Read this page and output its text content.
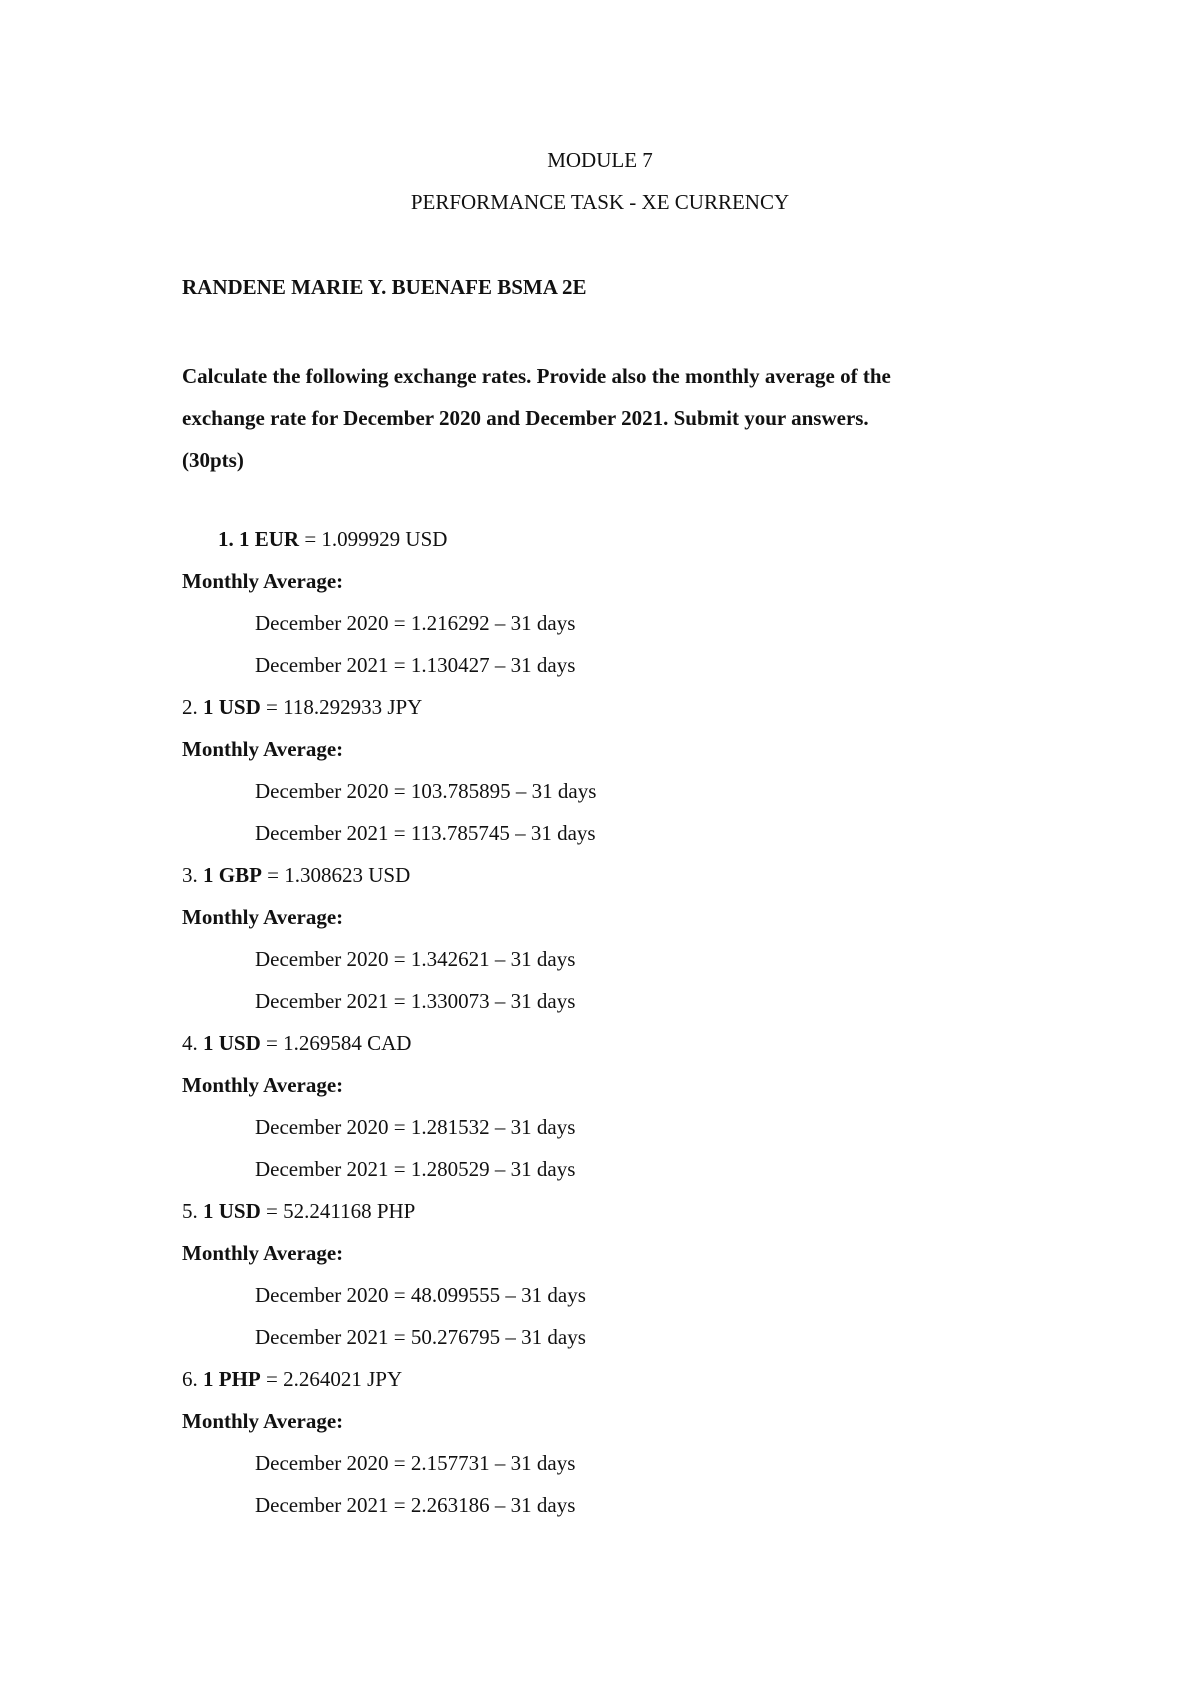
MODULE 7
PERFORMANCE TASK - XE CURRENCY
RANDENE MARIE Y. BUENAFE BSMA 2E
Calculate the following exchange rates. Provide also the monthly average of the
exchange rate for December 2020 and December 2021. Submit your answers.
(30pts)
1. 1 EUR = 1.099929 USD
Monthly Average:
December 2020 = 1.216292 – 31 days
December 2021 = 1.130427 – 31 days
2. 1 USD = 118.292933 JPY
Monthly Average:
December 2020 = 103.785895 – 31 days
December 2021 = 113.785745 – 31 days
3. 1 GBP = 1.308623 USD
Monthly Average:
December 2020 = 1.342621 – 31 days
December 2021 = 1.330073 – 31 days
4. 1 USD = 1.269584 CAD
Monthly Average:
December 2020 = 1.281532 – 31 days
December 2021 = 1.280529 – 31 days
5. 1 USD = 52.241168 PHP
Monthly Average:
December 2020 = 48.099555 – 31 days
December 2021 = 50.276795 – 31 days
6. 1 PHP = 2.264021 JPY
Monthly Average:
December 2020 = 2.157731 – 31 days
December 2021 = 2.263186 – 31 days
